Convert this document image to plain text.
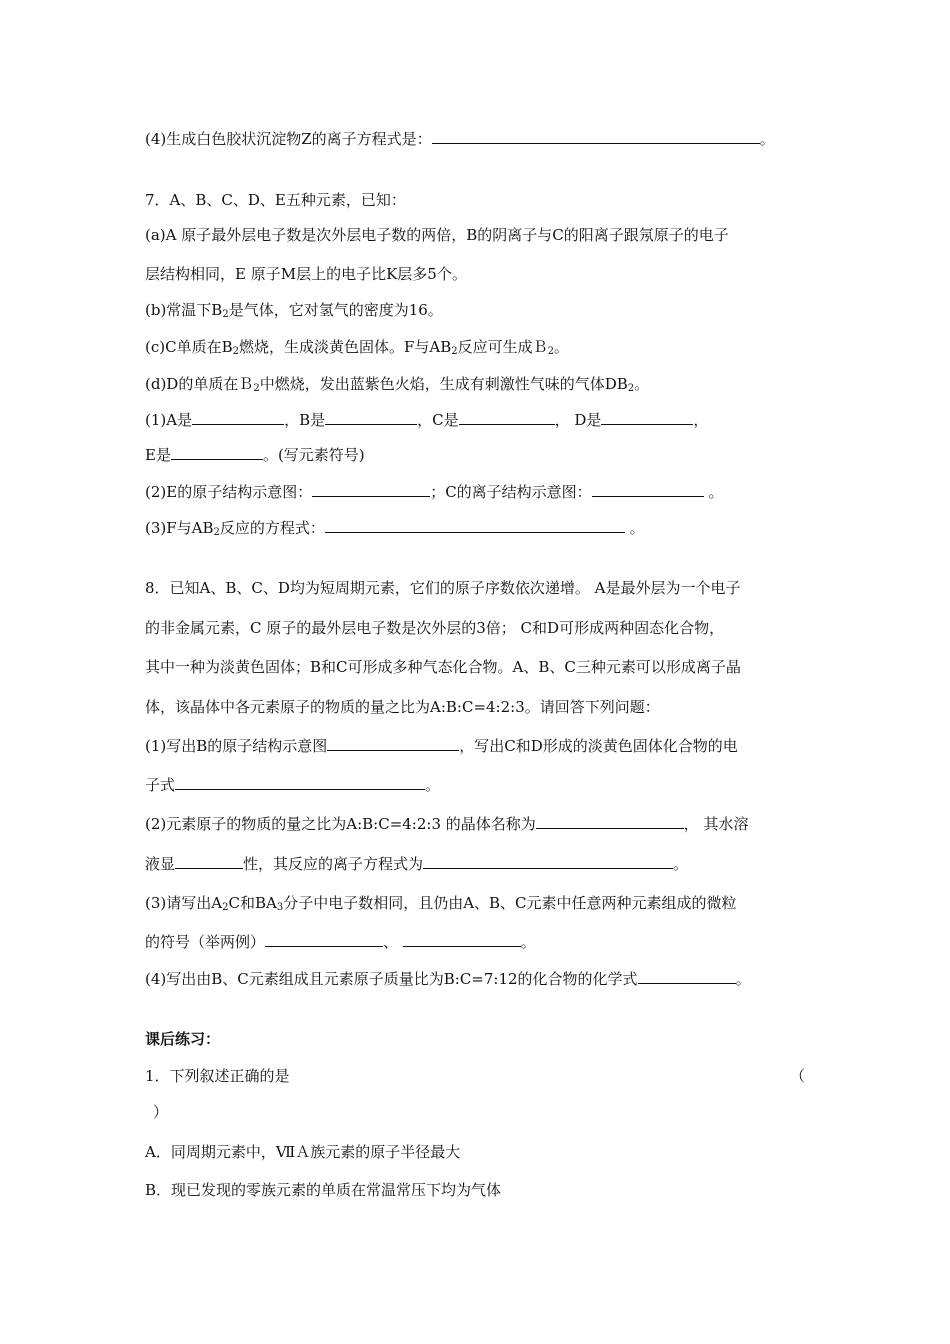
(4)生成白色胶状沉淀物Z的离子方程式是：	。
7．A、B、C、D、E五种元素，已知：
(a)A 原子最外层电子数是次外层电子数的两倍，B的阴离子与C的阳离子跟氖原子的电子
层结构相同，E 原子M层上的电子比K层多5个。
(b)常温下$B_2$是气体，它对氢气的密度为16。
(c)C单质在$B_2$燃烧，生成淡黄色固体。F与$AB_2$反应可生成Ｂ$_2$。
(d)D的单质在Ｂ$_2$中燃烧，发出蓝紫色火焰，生成有刺激性气味的气体$DB_2$。
(1)A是	，B是	，C是	， D是	，
E是	。(写元素符号)
(2)E的原子结构示意图：	；C的离子结构示意图：	。
(3)F与$AB_2$反应的方程式：	。
8．已知A、B、C、D均为短周期元素，它们的原子序数依次递增。 A是最外层为一个电子
的非金属元素，C 原子的最外层电子数是次外层的3倍； C和D可形成两种固态化合物，
其中一种为淡黄色固体；B和C可形成多种气态化合物。A、B、C三种元素可以形成离子晶
体，该晶体中各元素原子的物质的量之比为A:B:C=4:2:3。请回答下列问题：
(1)写出B的原子结构示意图	，写出C和D形成的淡黄色固体化合物的电
子式	。
(2)元素原子的物质的量之比为A:B:C=4:2:3 的晶体名称为	， 其水溶
液显	性，其反应的离子方程式为	。
(3)请写出$A_2C$和$BA_3$分子中电子数相同，且仍由A、B、C元素中任意两种元素组成的微粒
的符号（举两例）	、	。
(4)写出由B、C元素组成且元素原子质量比为B:C=7:12的化合物的化学式	。
课后练习：
1．下列叙述正确的是	（
）
A．同周期元素中，ⅦＡ族元素的原子半径最大
B．现已发现的零族元素的单质在常温常压下均为气体
